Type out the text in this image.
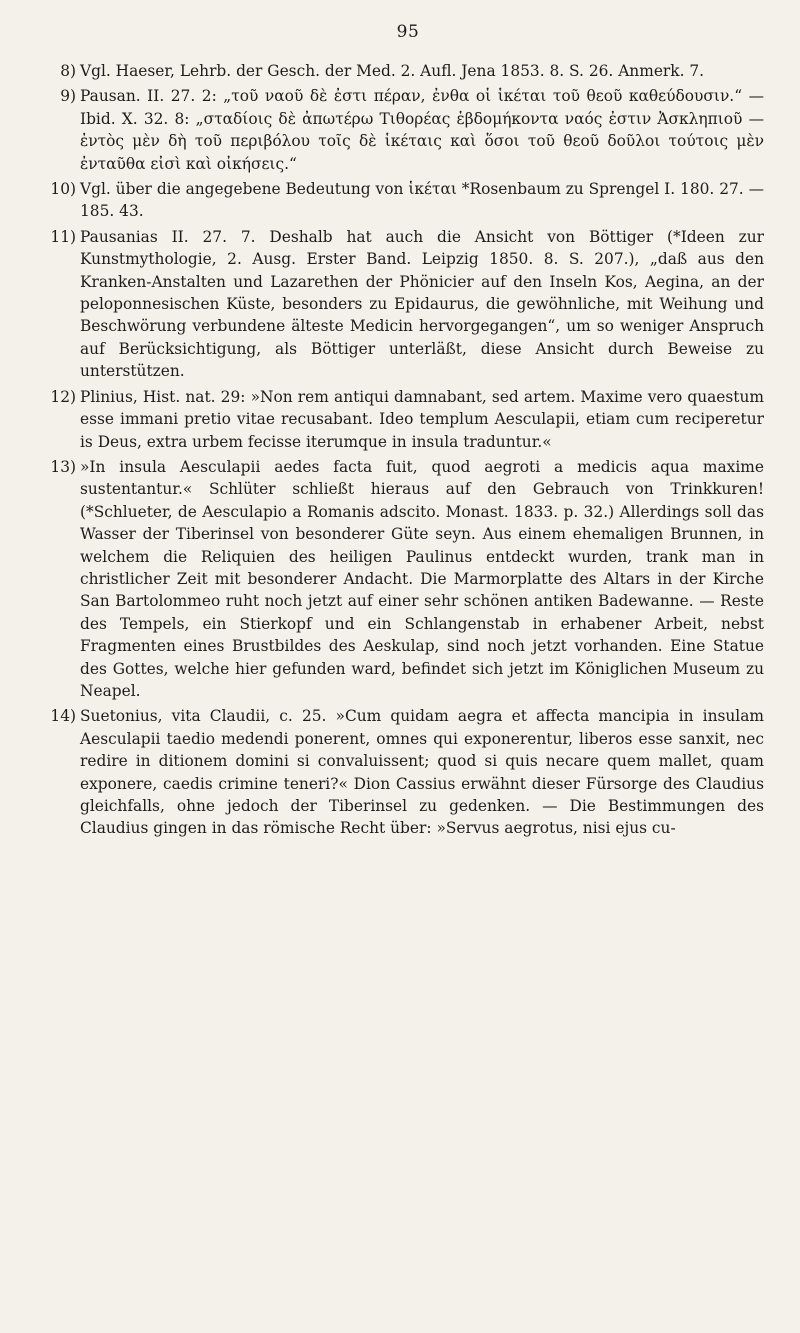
95
8) Vgl. Haeser, Lehrb. der Gesch. der Med. 2. Aufl. Jena 1853. 8. S. 26. Anmerk. 7.
9) Pausan. II. 27. 2: „τοῦ ναοῦ δὲ ἐστι πέραν, ἐνθα οἱ ἱκέται τοῦ θεοῦ καθεύδουσιν.“ — Ibid. X. 32. 8: „σταδίοις δὲ ἀπωτέρω Τιθορέας ἑβδομήκοντα ναός ἐστιν Ἀσκληπιοῦ — ἐντὸς μὲν δὴ τοῦ περιβόλου τοῖς δὲ ἱκέταις καὶ ὅσοι τοῦ θεοῦ δοῦλοι τούτοις μὲν ἐνταῦθα εἰσὶ καὶ οἰκήσεις.“
10) Vgl. über die angegebene Bedeutung von ἱκέται *Rosenbaum zu Sprengel I. 180. 27. — 185. 43.
11) Pausanias II. 27. 7. Deshalb hat auch die Ansicht von Böttiger (*Ideen zur Kunstmythologie, 2. Ausg. Erster Band. Leipzig 1850. 8. S. 207.), „daß aus den Kranken-Anstalten und Lazarethen der Phönicier auf den Inseln Kos, Aegina, an der peloponnesischen Küste, besonders zu Epidaurus, die gewöhnliche, mit Weihung und Beschwörung verbundene älteste Medicin hervorgegangen“, um so weniger Anspruch auf Berücksichtigung, als Böttiger unterläßt, diese Ansicht durch Beweise zu unterstützen.
12) Plinius, Hist. nat. 29: »Non rem antiqui damnabant, sed artem. Maxime vero quaestum esse immani pretio vitae recusabant. Ideo templum Aesculapii, etiam cum reciperetur is Deus, extra urbem fecisse iterumque in insula traduntur.«
13) »In insula Aesculapii aedes facta fuit, quod aegroti a medicis aqua maxime sustentantur.« Schlüter schließt hieraus auf den Gebrauch von Trinkkuren! (*Schlueter, de Aesculapio a Romanis adscito. Monast. 1833. p. 32.) Allerdings soll das Wasser der Tiberinsel von besonderer Güte seyn. Aus einem ehemaligen Brunnen, in welchem die Reliquien des heiligen Paulinus entdeckt wurden, trank man in christlicher Zeit mit besonderer Andacht. Die Marmorplatte des Altars in der Kirche San Bartolommeo ruht noch jetzt auf einer sehr schönen antiken Badewanne. — Reste des Tempels, ein Stierkopf und ein Schlangenstab in erhabener Arbeit, nebst Fragmenten eines Brustbildes des Aeskulap, sind noch jetzt vorhanden. Eine Statue des Gottes, welche hier gefunden ward, befindet sich jetzt im Königlichen Museum zu Neapel.
14) Suetonius, vita Claudii, c. 25. »Cum quidam aegra et affecta mancipia in insulam Aesculapii taedio medendi ponerent, omnes qui exponerentur, liberos esse sanxit, nec redire in ditionem domini si convaluissent; quod si quis necare quem mallet, quam exponere, caedis crimine teneri?« Dion Cassius erwähnt dieser Fürsorge des Claudius gleichfalls, ohne jedoch der Tiberinsel zu gedenken. — Die Bestimmungen des Claudius gingen in das römische Recht über: »Servus aegrotus, nisi ejus cu-
